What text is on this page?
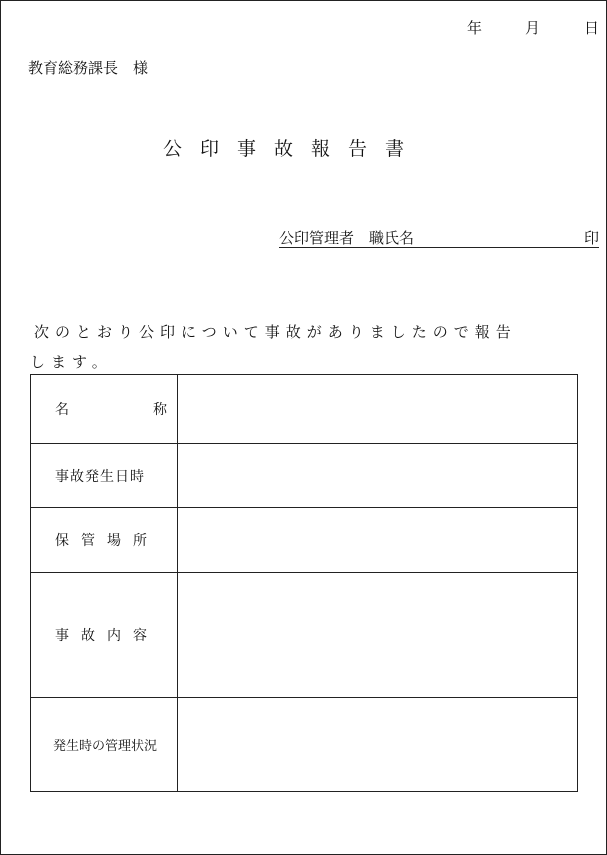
年	月	日
教育総務課長　様
公印事故報告書
公印管理者　職氏名	印
次のとおり公印について事故がありましたので報告
します。
名 称	

事故発生日時	

保管場所	

事故内容	

発生時の管理状況	
